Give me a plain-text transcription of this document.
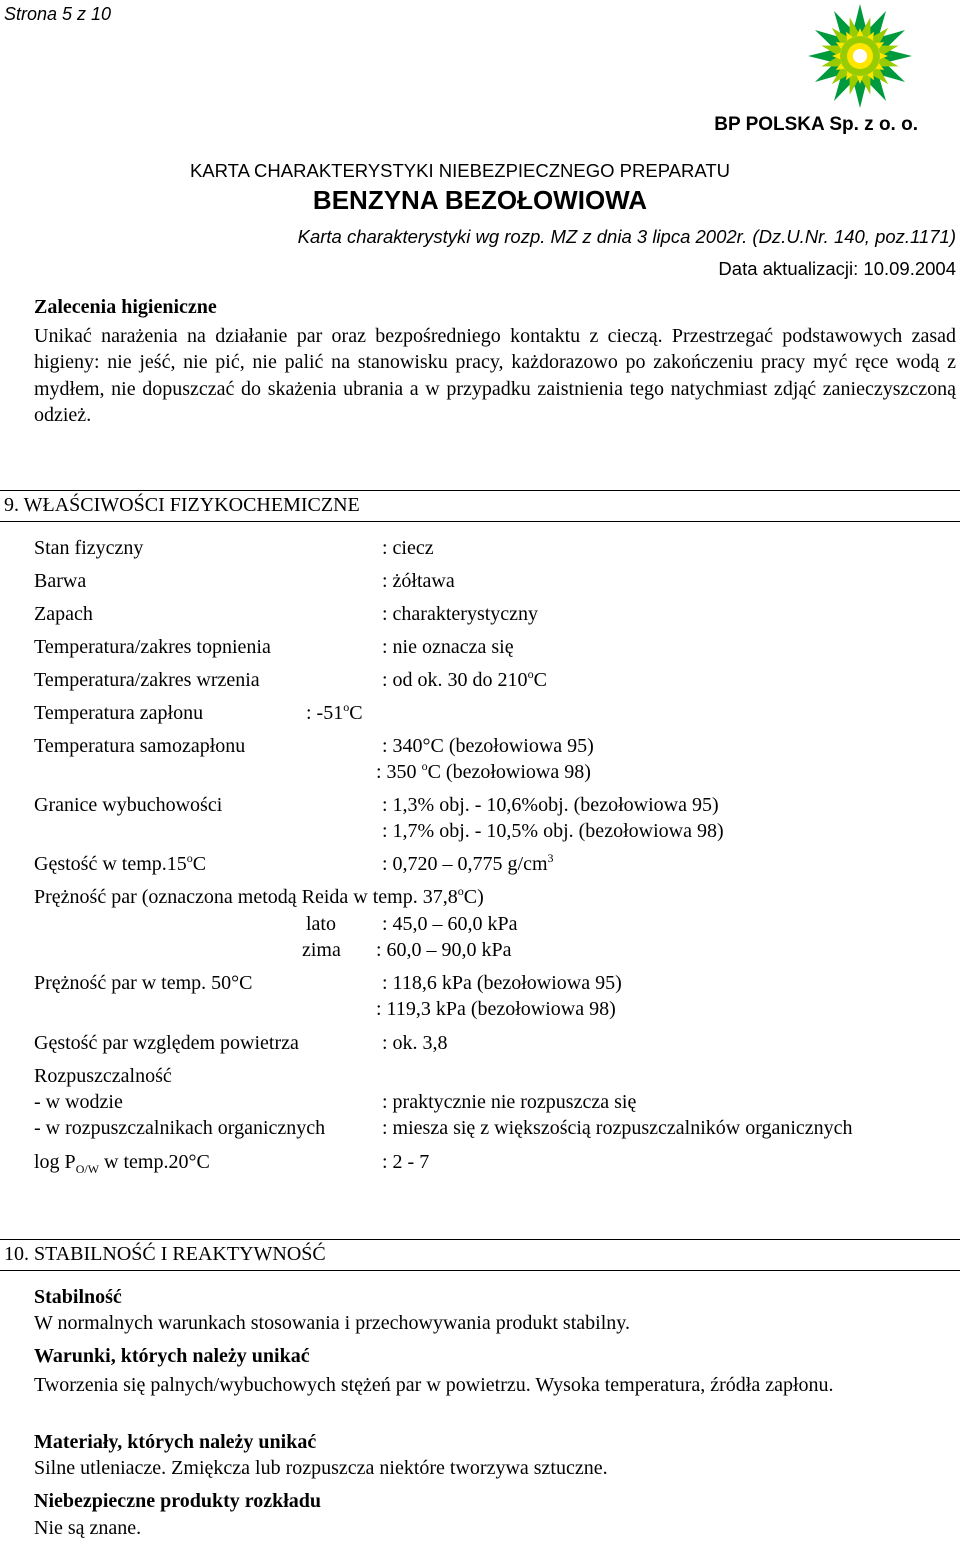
Strona 5 z 10
BP POLSKA Sp. z o. o.
KARTA CHARAKTERYSTYKI NIEBEZPIECZNEGO PREPARATU
BENZYNA BEZOŁOWIOWA
Karta charakterystyki wg rozp. MZ z dnia 3 lipca 2002r. (Dz.U.Nr. 140, poz.1171)
Data aktualizacji: 10.09.2004
Zalecenia higieniczne

Unikać narażenia na działanie par oraz bezpośredniego kontaktu z cieczą. Przestrzegać podstawowych zasad higieny: nie jeść, nie pić, nie palić na stanowisku pracy, każdorazowo po zakończeniu pracy myć ręce wodą z mydłem, nie dopuszczać do skażenia ubrania a w przypadku zaistnienia tego natychmiast zdjąć zanieczyszczoną odzież.

9. WŁAŚCIWOŚCI FIZYKOCHEMICZNE
Stan fizyczny	: ciecz
Barwa	: żółtawa
Zapach	: charakterystyczny
Temperatura/zakres topnienia	: nie oznacza się
Temperatura/zakres wrzenia	: od ok. 30 do 210$^o$C
Temperatura zapłonu	: -51$^o$C
Temperatura samozapłonu	: 340°C (bezołowiowa 95)
: 350 $^o$C (bezołowiowa 98)
Granice wybuchowości	: 1,3% obj. - 10,6%obj. (bezołowiowa 95)
: 1,7% obj. - 10,5% obj. (bezołowiowa 98)
Gęstość w temp.15$^o$C	: 0,720 – 0,775 $g/cm^3$
Prężność par (oznaczona metodą Reida w temp. 37,8$^o$C)
lato : 45,0 – 60,0 kPa
zima : 60,0 – 90,0 kPa
Prężność par w temp. 50°C	: 118,6 kPa (bezołowiowa 95)
: 119,3 kPa (bezołowiowa 98)
Gęstość par względem powietrza	: ok. 3,8
Rozpuszczalność
- w wodzie	: praktycznie nie rozpuszcza się
- w rozpuszczalnikach organicznych	: miesza się z większością rozpuszczalników organicznych
$\log P_{O/W}$ w temp.20°C	: 2 - 7
10. STABILNOŚĆ I REAKTYWNOŚĆ
Stabilność
W normalnych warunkach stosowania i przechowywania produkt stabilny.
Warunki, których należy unikać

Tworzenia się palnych/wybuchowych stężeń par w powietrzu. Wysoka temperatura, źródła zapłonu.

Materiały, których należy unikać
Silne utleniacze. Zmiękcza lub rozpuszcza niektóre tworzywa sztuczne.
Niebezpieczne produkty rozkładu
Nie są znane.
